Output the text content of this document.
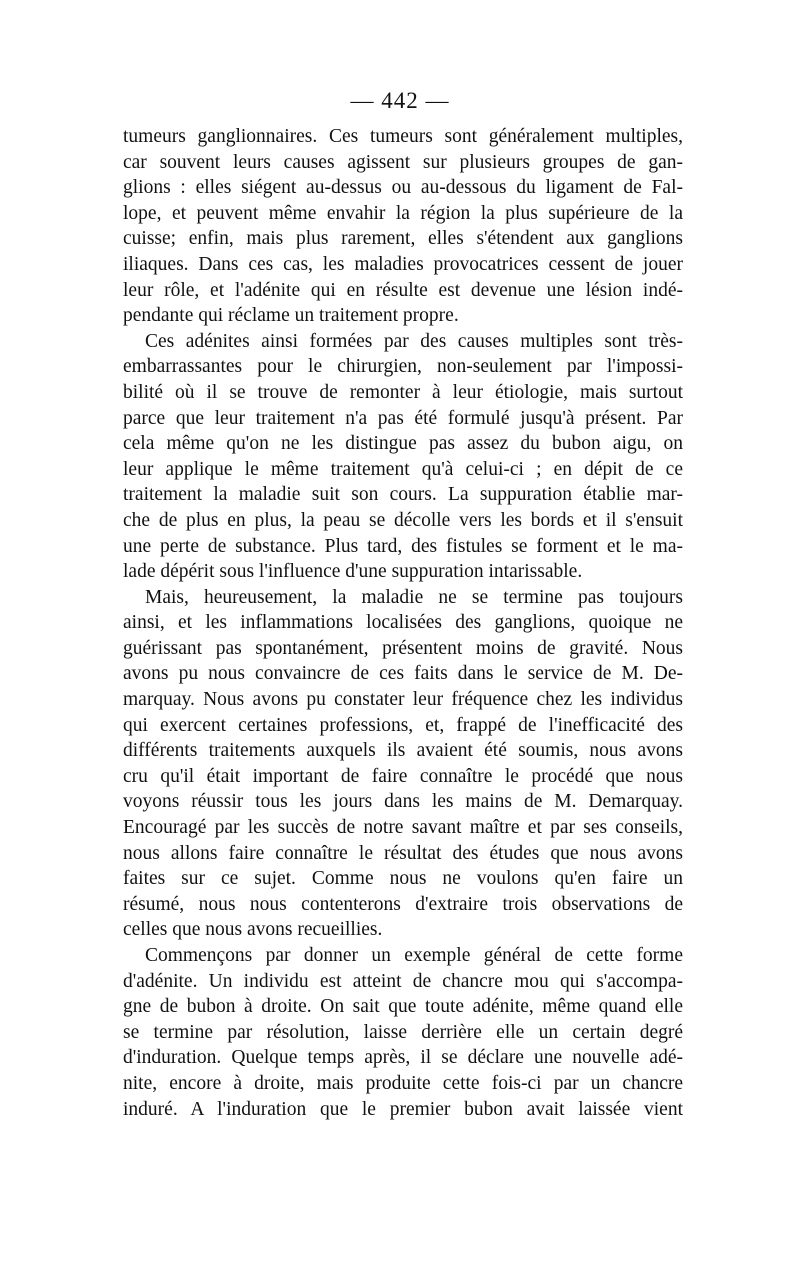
— 442 —
tumeurs ganglionnaires. Ces tumeurs sont généralement multiples,
car souvent leurs causes agissent sur plusieurs groupes de gan-
glions : elles siégent au-dessus ou au-dessous du ligament de Fal-
lope, et peuvent même envahir la région la plus supérieure de la
cuisse; enfin, mais plus rarement, elles s'étendent aux ganglions
iliaques. Dans ces cas, les maladies provocatrices cessent de jouer
leur rôle, et l'adénite qui en résulte est devenue une lésion indé-
pendante qui réclame un traitement propre.
Ces adénites ainsi formées par des causes multiples sont très-
embarrassantes pour le chirurgien, non-seulement par l'impossi-
bilité où il se trouve de remonter à leur étiologie, mais surtout
parce que leur traitement n'a pas été formulé jusqu'à présent. Par
cela même qu'on ne les distingue pas assez du bubon aigu, on
leur applique le même traitement qu'à celui-ci ; en dépit de ce
traitement la maladie suit son cours. La suppuration établie mar-
che de plus en plus, la peau se décolle vers les bords et il s'ensuit
une perte de substance. Plus tard, des fistules se forment et le ma-
lade dépérit sous l'influence d'une suppuration intarissable.
Mais, heureusement, la maladie ne se termine pas toujours
ainsi, et les inflammations localisées des ganglions, quoique ne
guérissant pas spontanément, présentent moins de gravité. Nous
avons pu nous convaincre de ces faits dans le service de M. De-
marquay. Nous avons pu constater leur fréquence chez les individus
qui exercent certaines professions, et, frappé de l'inefficacité des
différents traitements auxquels ils avaient été soumis, nous avons
cru qu'il était important de faire connaître le procédé que nous
voyons réussir tous les jours dans les mains de M. Demarquay.
Encouragé par les succès de notre savant maître et par ses conseils,
nous allons faire connaître le résultat des études que nous avons
faites sur ce sujet. Comme nous ne voulons qu'en faire un
résumé, nous nous contenterons d'extraire trois observations de
celles que nous avons recueillies.
Commençons par donner un exemple général de cette forme
d'adénite. Un individu est atteint de chancre mou qui s'accompa-
gne de bubon à droite. On sait que toute adénite, même quand elle
se termine par résolution, laisse derrière elle un certain degré
d'induration. Quelque temps après, il se déclare une nouvelle adé-
nite, encore à droite, mais produite cette fois-ci par un chancre
induré. A l'induration que le premier bubon avait laissée vient
